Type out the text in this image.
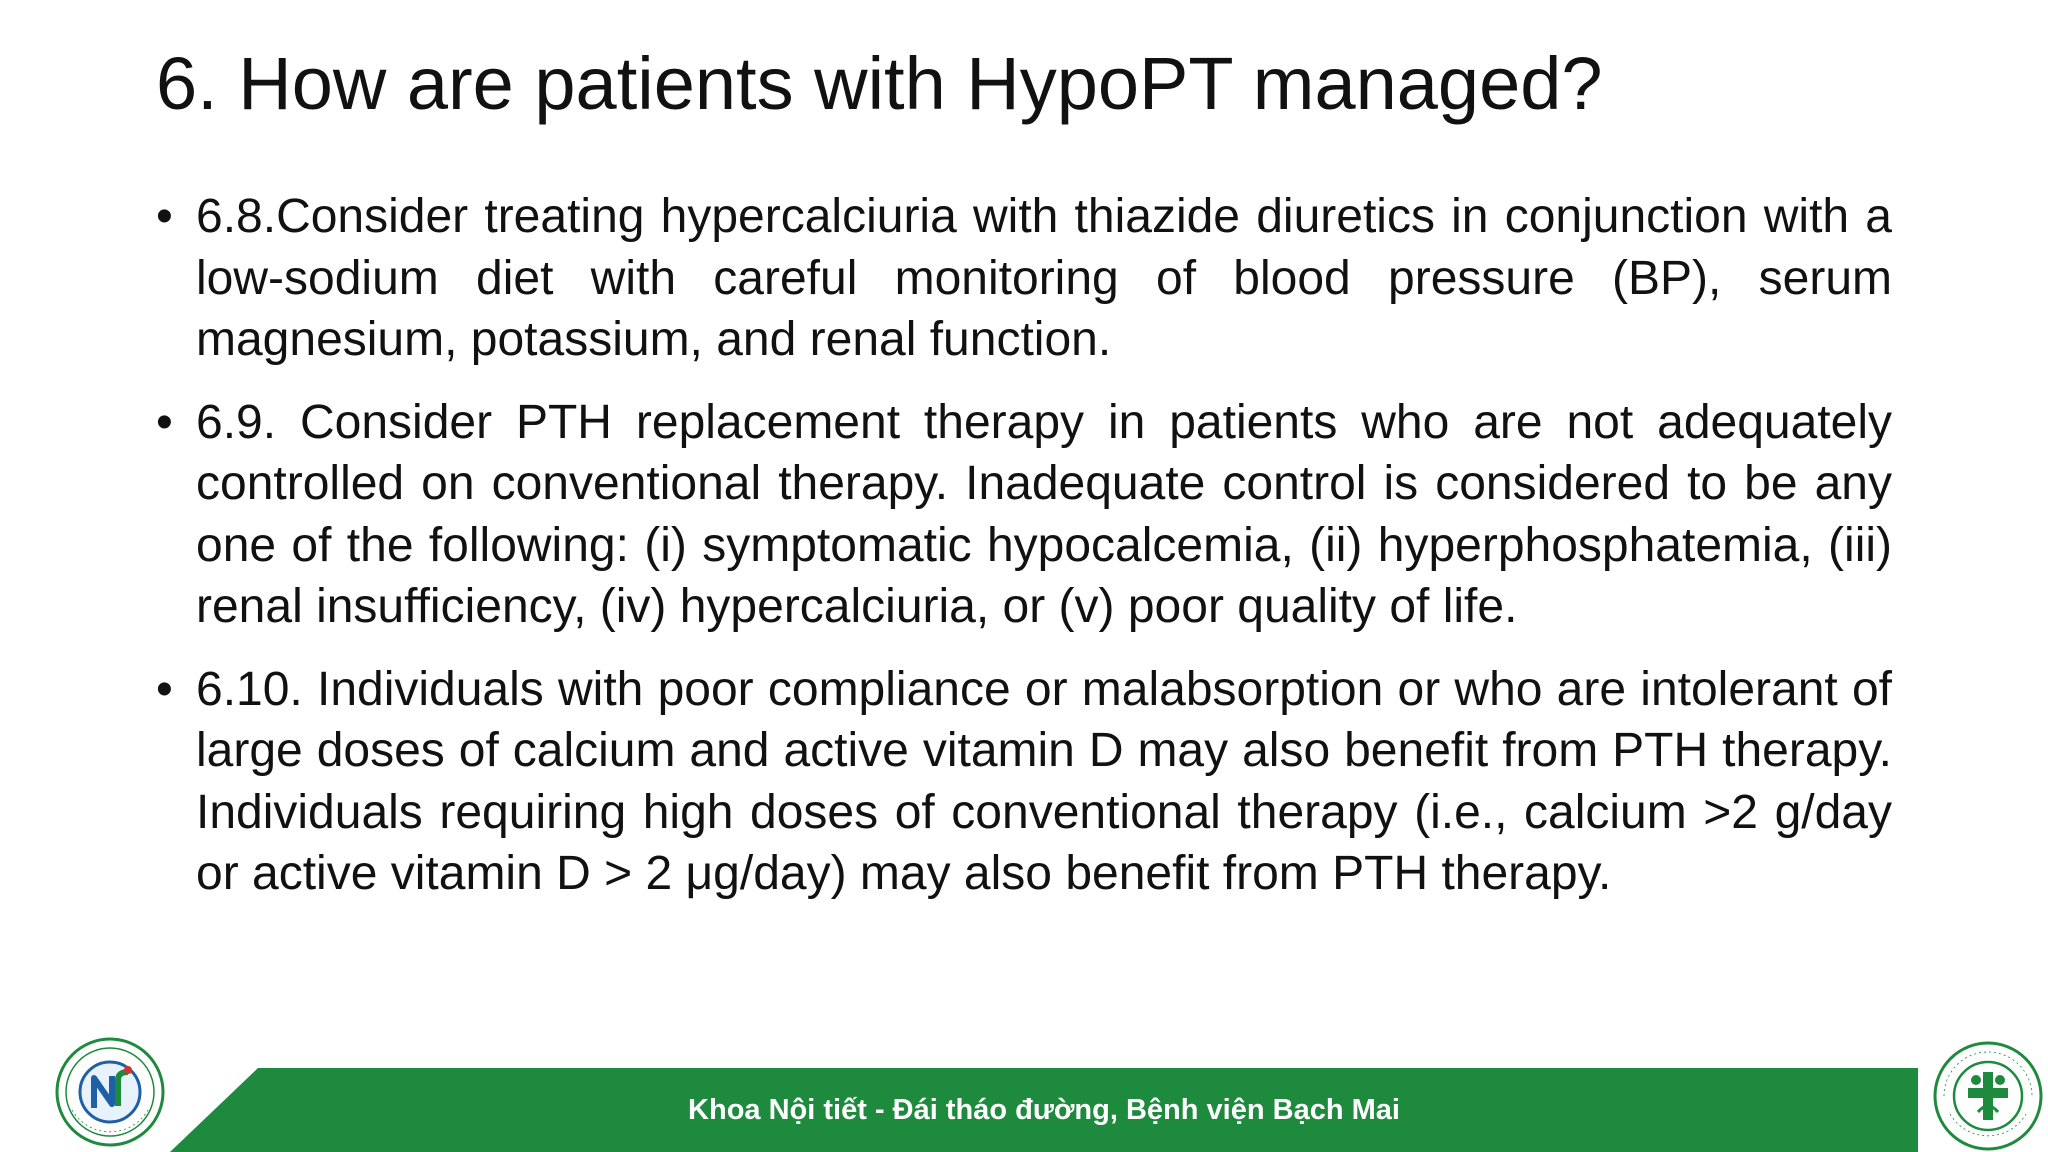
6. How are patients with HypoPT managed?
• 6.8.Consider treating hypercalciuria with thiazide diuretics in conjunction with a low-sodium diet with careful monitoring of blood pressure (BP), serum magnesium, potassium, and renal function.
• 6.9. Consider PTH replacement therapy in patients who are not adequately controlled on conventional therapy. Inadequate control is considered to be any one of the following: (i) symptomatic hypocalcemia, (ii) hyperphosphatemia, (iii) renal insufficiency, (iv) hypercalciuria, or (v) poor quality of life.
• 6.10. Individuals with poor compliance or malabsorption or who are intolerant of large doses of calcium and active vitamin D may also benefit from PTH therapy. Individuals requiring high doses of conventional therapy (i.e., calcium >2 g/day or active vitamin D > 2 μg/day) may also benefit from PTH therapy.
Khoa Nội tiết - Đái tháo đường, Bệnh viện Bạch Mai
